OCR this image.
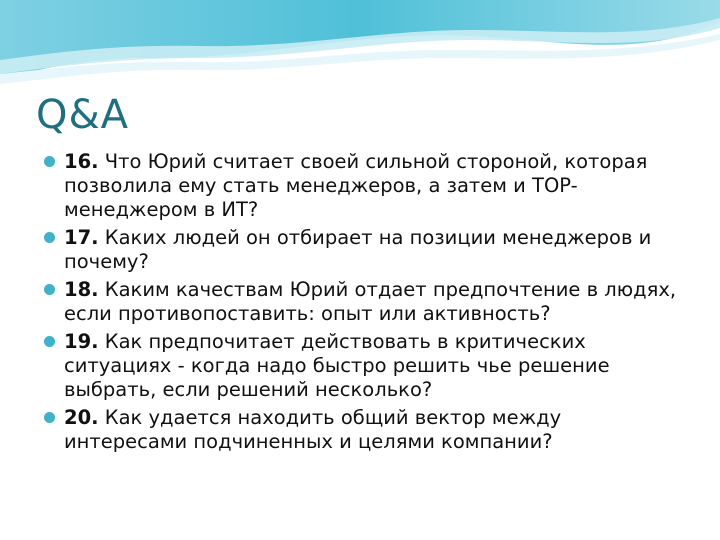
Q&A
16. Что Юрий считает своей сильной стороной, которая позволила ему стать менеджеров, а затем и TOP-менеджером в ИТ?
17. Каких людей он отбирает на позиции менеджеров и почему?
18. Каким качествам Юрий отдает предпочтение в людях, если противопоставить: опыт или активность?
19. Как предпочитает действовать в критических ситуациях - когда надо быстро решить чье решение выбрать, если решений несколько?
20. Как удается находить общий вектор между интересами подчиненных и целями компании?
